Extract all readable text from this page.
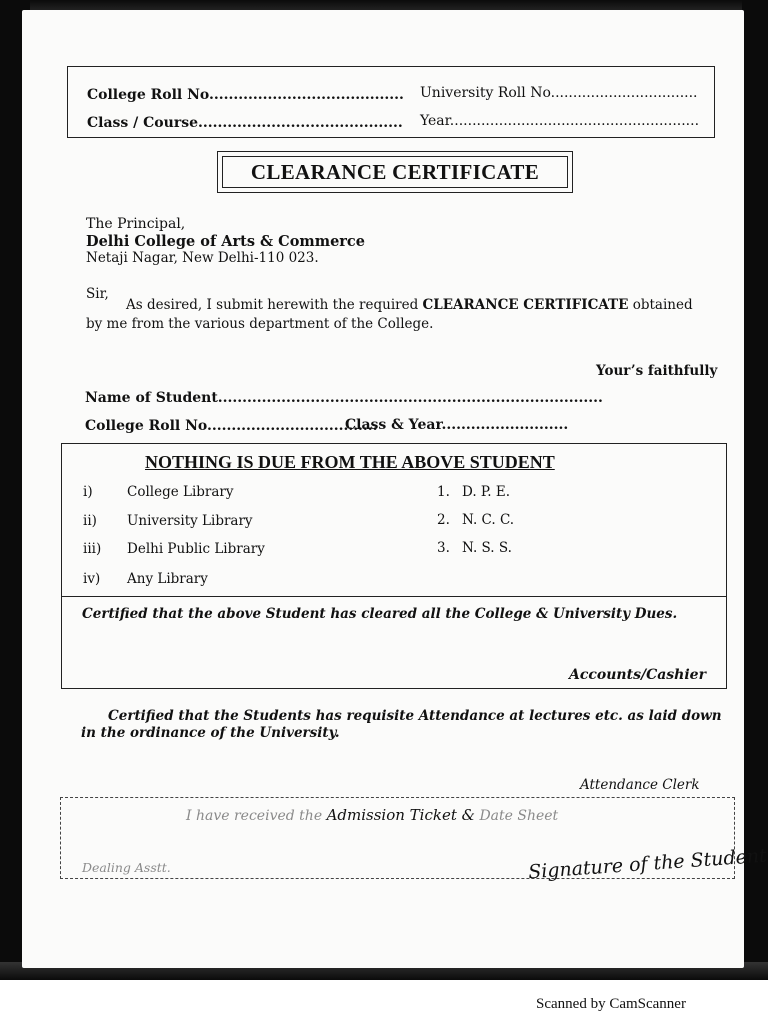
College Roll No........................................ University Roll No.................................
Class / Course.......................................... Year........................................................
CLEARANCE CERTIFICATE
The Principal,
Delhi College of Arts & Commerce
Netaji Nagar, New Delhi-110 023.
Sir,
As desired, I submit herewith the required CLEARANCE CERTIFICATE obtained
by me from the various department of the College.
Your’s faithfully
Name of Student...............................................................................
College Roll No...................................
Class & Year..........................
NOTHING IS DUE FROM THE ABOVE STUDENT
i)	College Library
ii) University Library
iii) Delhi Public Library
iv) Any Library
1. D. P. E.
2. N. C. C.
3. N. S. S.
Certified that the above Student has cleared all the College & University Dues.
Accounts/Cashier
Certified that the Students has requisite Attendance at lectures etc. as laid down
in the ordinance of the University.
Attendance Clerk
I have received the Admission Ticket & Date Sheet
Dealing Asstt.	Signature of the Student
Scanned by CamScanner
